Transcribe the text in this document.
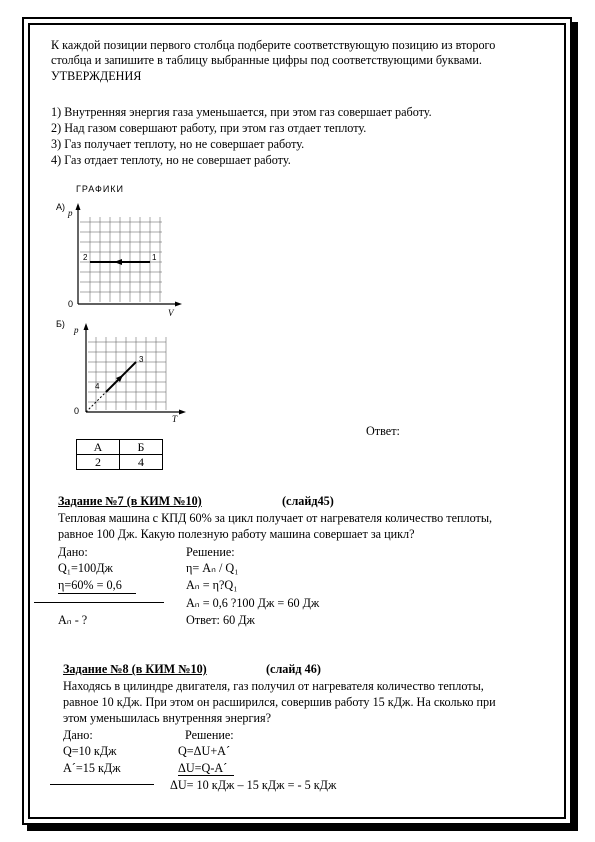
К каждой позиции первого столбца подберите соответствующую позицию из второго
столбца и запишите в таблицу выбранные цифры под соответствующими буквами.
УТВЕРЖДЕНИЯ
1) Внутренняя энергия газа уменьшается, при этом газ совершает работу.
2) Над газом совершают работу, при этом газ отдает теплоту.
3) Газ получает теплоту, но не совершает работу.
4) Газ отдает теплоту, но не совершает работу.
ГРАФИКИ
А)
p
0
V
1
2
Б)
p
0
T
3
4
Ответ:
А	Б
2	4
Задание №7 (в КИМ №10)	(слайд45)
Тепловая машина с КПД 60% за цикл получает от нагревателя количество теплоты,
равное 100 Дж. Какую полезную работу машина совершает за цикл?
Дано:	Решение:
Q₁=100Дж	η= Aₙ / Q₁
η=60% = 0,6	Aₙ = η?Q₁
Aₙ = 0,6 ?100 Дж = 60 Дж
Aₙ - ?	Ответ: 60 Дж
Задание №8 (в КИМ №10)	(слайд 46)
Находясь в цилиндре двигателя, газ получил от нагревателя количество теплоты,
равное 10 кДж. При этом он расширился, совершив работу 15 кДж. На сколько при
этом уменьшилась внутренняя энергия?
Дано:	Решение:
Q=10 кДж	Q=ΔU+A´
A´=15 кДж	ΔU=Q-A´
ΔU= 10 кДж – 15 кДж = - 5 кДж
